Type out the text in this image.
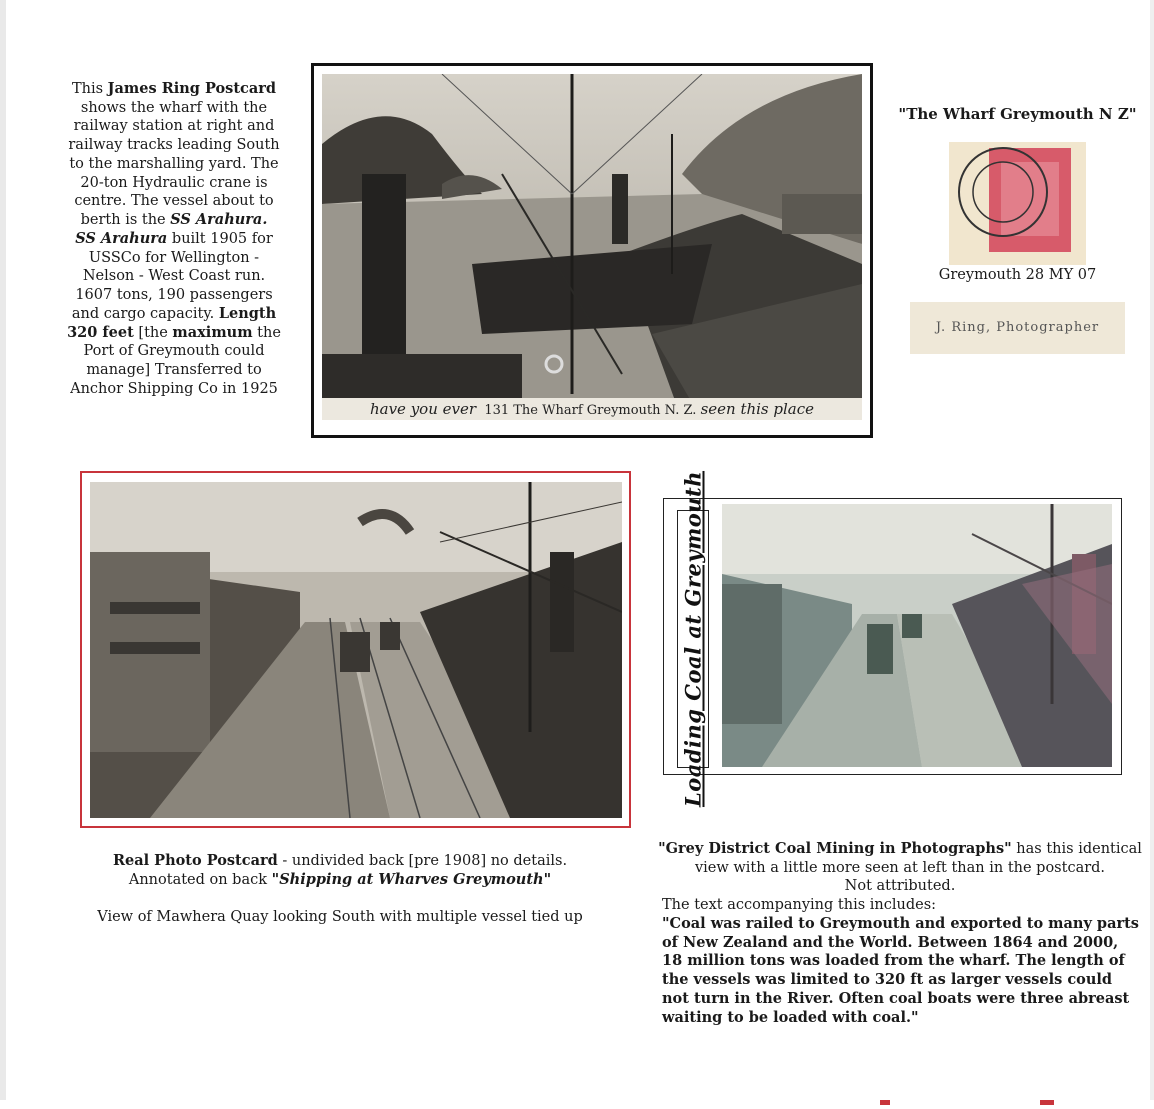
This James Ring Postcard shows the wharf with the railway station at right and railway tracks leading South to the marshalling yard. The 20-ton Hydraulic crane is centre. The vessel about to berth is the SS Arahura.
SS Arahura built 1905 for USSCo for Wellington - Nelson - West Coast run. 1607 tons, 190 passengers and cargo capacity. Length 320 feet [the maximum the Port of Greymouth could manage] Transferred to Anchor Shipping Co in 1925
have you ever 131 The Wharf Greymouth N. Z. seen this place
"The Wharf Greymouth N Z"
Greymouth 28 MY 07
J. Ring, Photographer
Loading Coal at Greymouth
Real Photo Postcard - undivided back [pre 1908] no details.
Annotated on back "Shipping at Wharves Greymouth"
View of Mawhera Quay looking South with multiple vessel tied up
"Grey District Coal Mining in Photographs" has this identical view with a little more seen at left than in the postcard.
Not attributed.
The text accompanying this includes:
"Coal was railed to Greymouth and exported to many parts of New Zealand and the World. Between 1864 and 2000, 18 million tons was loaded from the wharf. The length of the vessels was limited to 320 ft as larger vessels could not turn in the River. Often coal boats were three abreast waiting to be loaded with coal."
